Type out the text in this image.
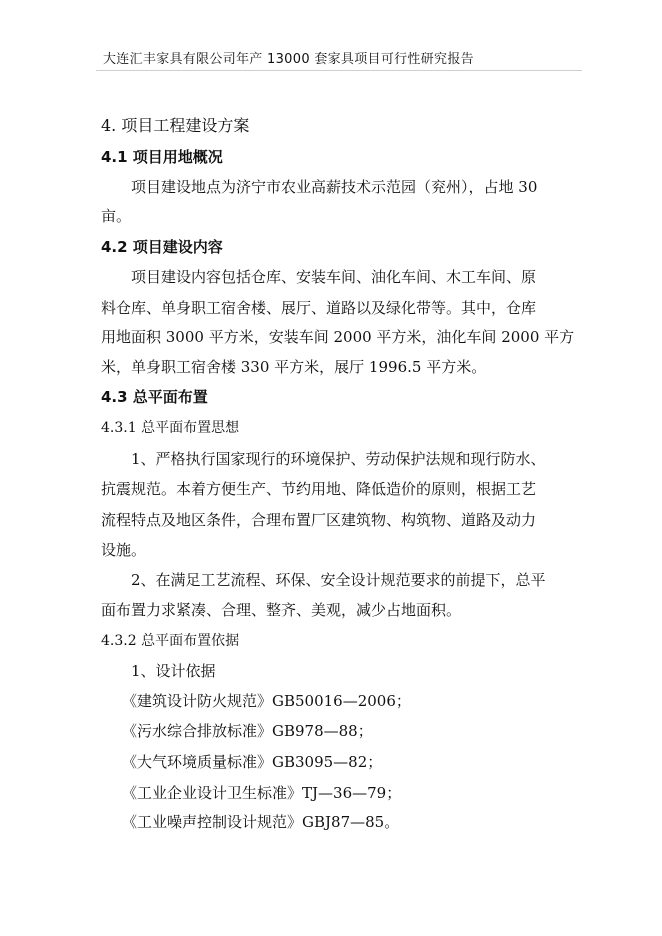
大连汇丰家具有限公司年产 13000 套家具项目可行性研究报告
4. 项目工程建设方案
4.1 项目用地概况
项目建设地点为济宁市农业高薪技术示范园（兖州），占地 30
亩。
4.2 项目建设内容
项目建设内容包括仓库、安装车间、油化车间、木工车间、原
料仓库、单身职工宿舍楼、展厅、道路以及绿化带等。其中，仓库
用地面积 3000 平方米，安装车间 2000 平方米，油化车间 2000 平方
米，单身职工宿舍楼 330 平方米，展厅 1996.5 平方米。
4.3 总平面布置
4.3.1 总平面布置思想
1、严格执行国家现行的环境保护、劳动保护法规和现行防水、
抗震规范。本着方便生产、节约用地、降低造价的原则，根据工艺
流程特点及地区条件，合理布置厂区建筑物、构筑物、道路及动力
设施。
2、在满足工艺流程、环保、安全设计规范要求的前提下，总平
面布置力求紧凑、合理、整齐、美观，减少占地面积。
4.3.2 总平面布置依据
1、设计依据
《建筑设计防火规范》GB50016—2006；
《污水综合排放标准》GB978—88；
《大气环境质量标准》GB3095—82；
《工业企业设计卫生标准》TJ—36—79；
《工业噪声控制设计规范》GBJ87—85。
